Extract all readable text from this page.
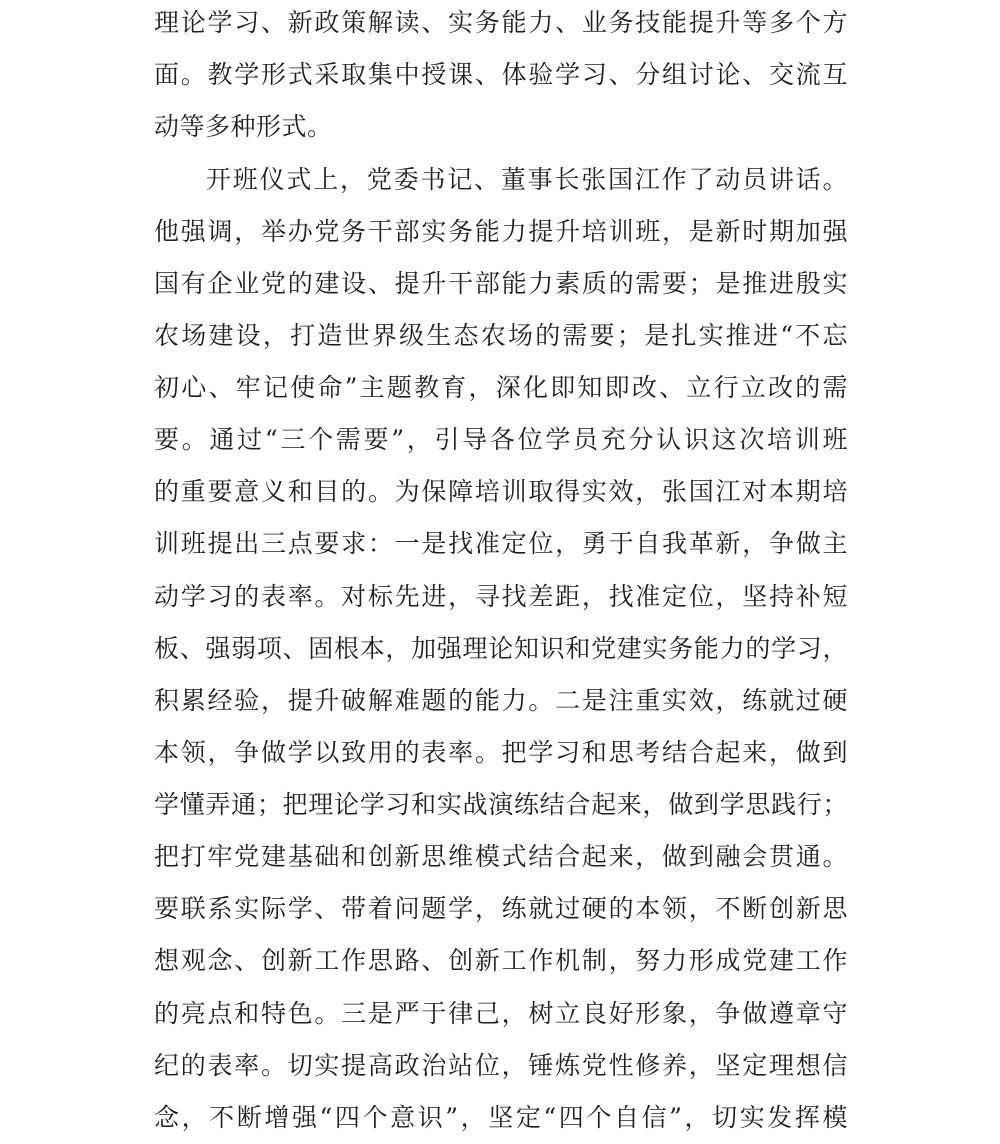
理论学习、新政策解读、实务能力、业务技能提升等多个方
面。教学形式采取集中授课、体验学习、分组讨论、交流互
动等多种形式。
开班仪式上，党委书记、董事长张国江作了动员讲话。
他强调，举办党务干部实务能力提升培训班，是新时期加强
国有企业党的建设、提升干部能力素质的需要；是推进殷实
农场建设，打造世界级生态农场的需要；是扎实推进“不忘
初心、牢记使命”主题教育，深化即知即改、立行立改的需
要。通过“三个需要”，引导各位学员充分认识这次培训班
的重要意义和目的。为保障培训取得实效，张国江对本期培
训班提出三点要求：一是找准定位，勇于自我革新，争做主
动学习的表率。对标先进，寻找差距，找准定位，坚持补短
板、强弱项、固根本，加强理论知识和党建实务能力的学习，
积累经验，提升破解难题的能力。二是注重实效，练就过硬
本领，争做学以致用的表率。把学习和思考结合起来，做到
学懂弄通；把理论学习和实战演练结合起来，做到学思践行；
把打牢党建基础和创新思维模式结合起来，做到融会贯通。
要联系实际学、带着问题学，练就过硬的本领，不断创新思
想观念、创新工作思路、创新工作机制，努力形成党建工作
的亮点和特色。三是严于律己，树立良好形象，争做遵章守
纪的表率。切实提高政治站位，锤炼党性修养，坚定理想信
念，不断增强“四个意识”，坚定“四个自信”，切实发挥模
